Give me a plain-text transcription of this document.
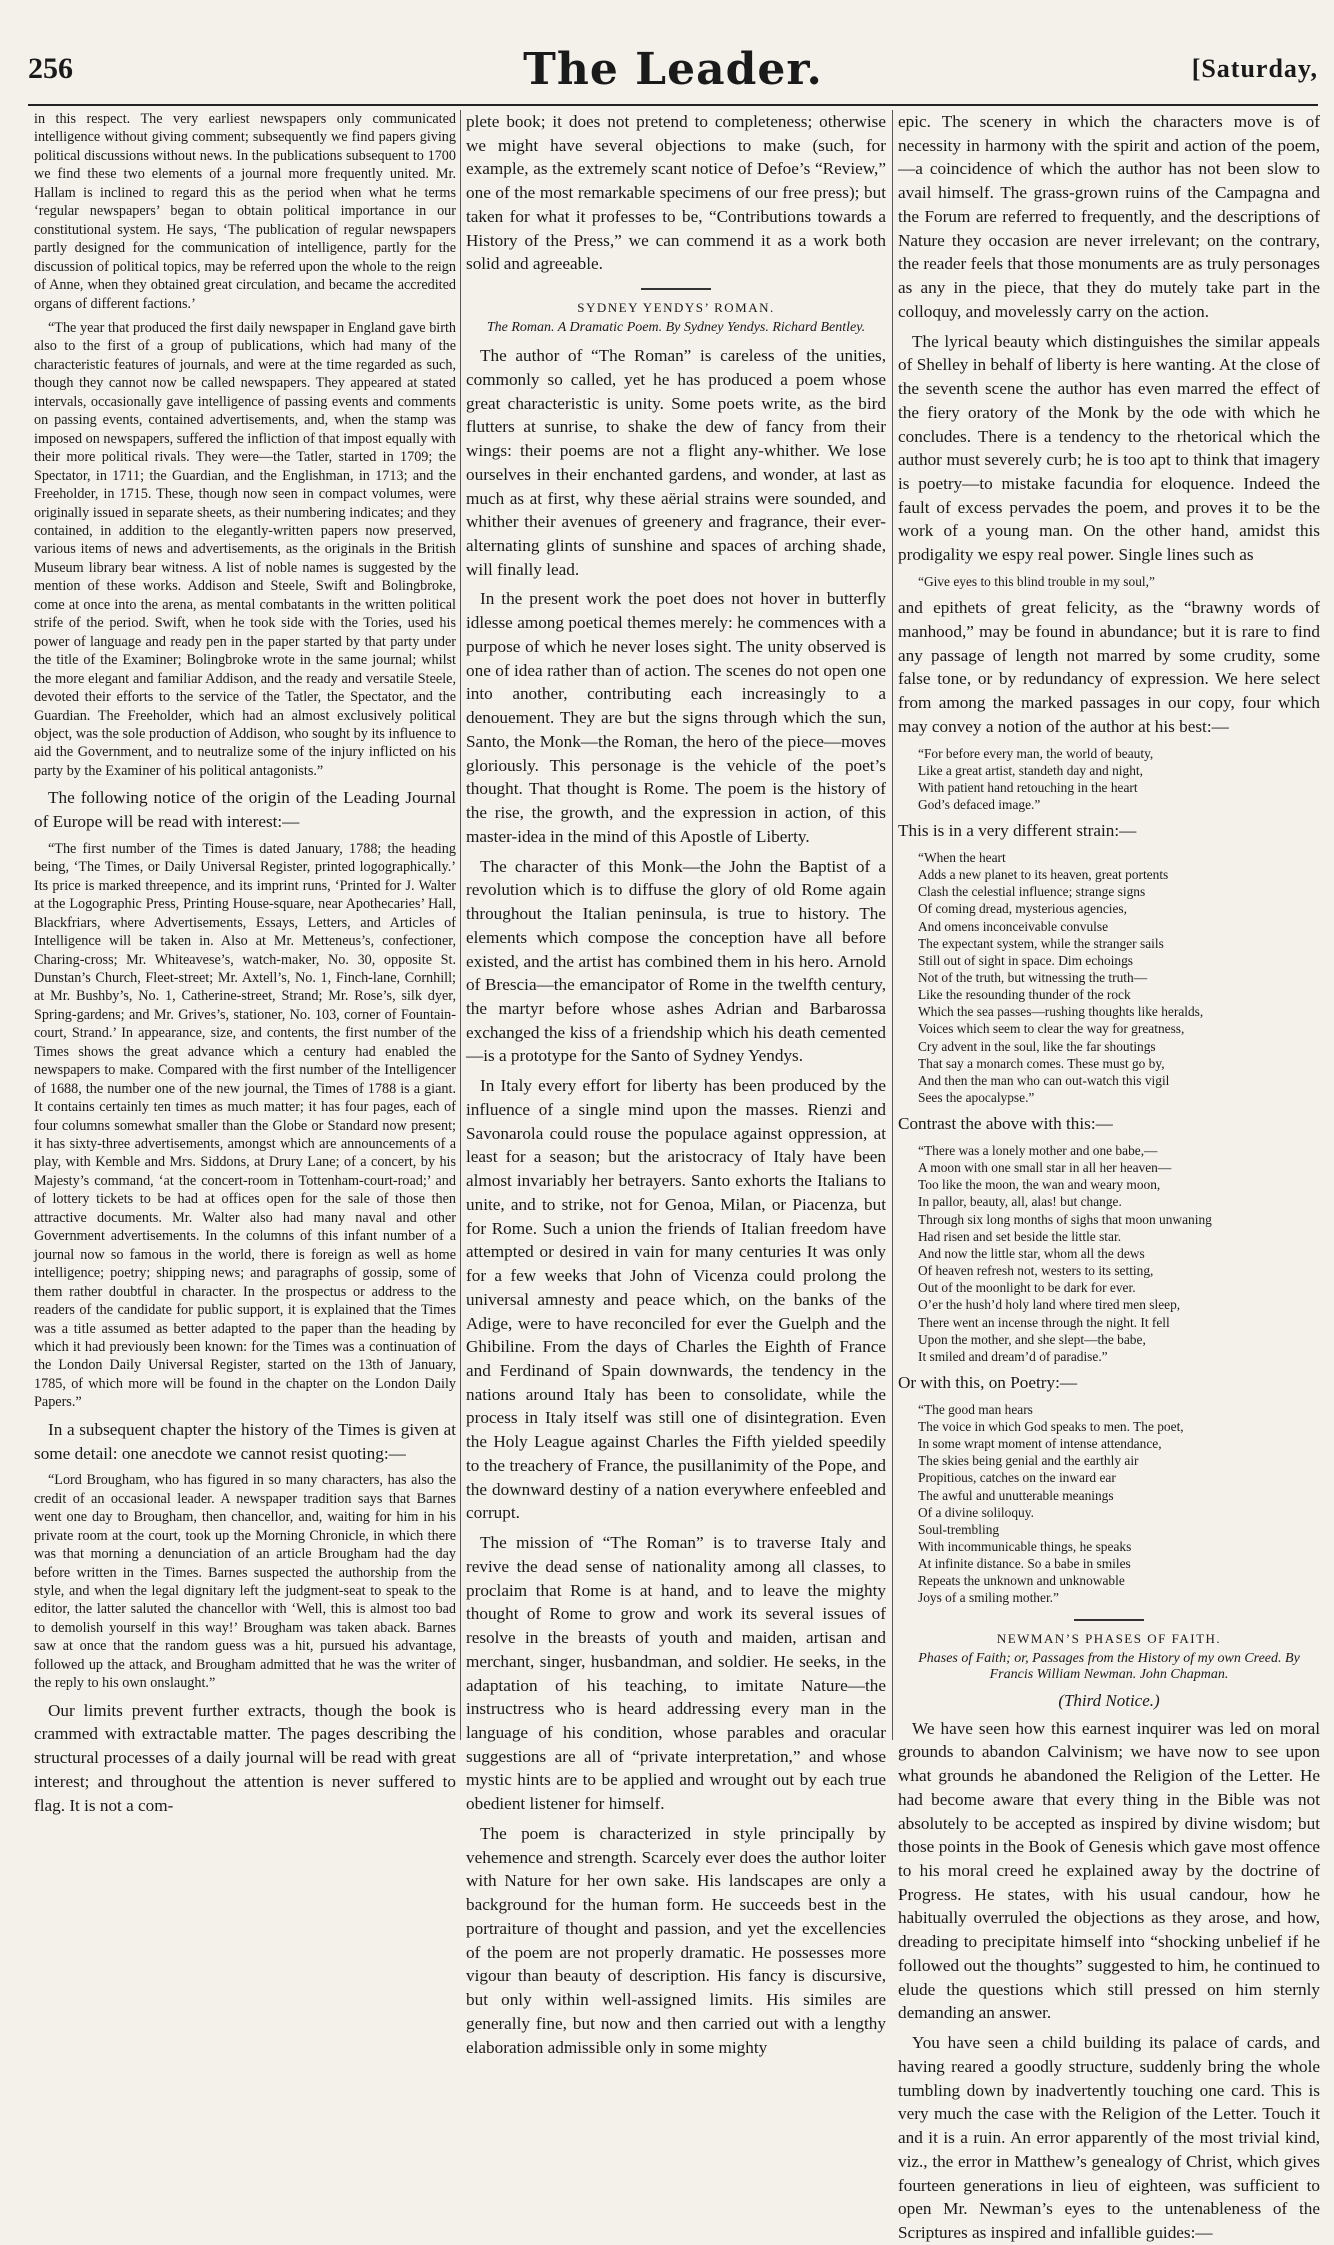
256	The Leader.	[Saturday,

in this respect. The very earliest newspapers only communicated intelligence without giving comment; subsequently we find papers giving political discussions without news. In the publications subsequent to 1700 we find these two elements of a journal more frequently united. Mr. Hallam is inclined to regard this as the period when what he terms ‘regular newspapers’ began to obtain political importance in our constitutional system. He says, ‘The publication of regular newspapers partly designed for the communication of intelligence, partly for the discussion of political topics, may be referred upon the whole to the reign of Anne, when they obtained great circulation, and became the accredited organs of different factions.’

“The year that produced the first daily newspaper in England gave birth also to the first of a group of publications, which had many of the characteristic features of journals, and were at the time regarded as such, though they cannot now be called newspapers. They appeared at stated intervals, occasionally gave intelligence of passing events and comments on passing events, contained advertisements, and, when the stamp was imposed on newspapers, suffered the infliction of that impost equally with their more political rivals. They were—the Tatler, started in 1709; the Spectator, in 1711; the Guardian, and the Englishman, in 1713; and the Freeholder, in 1715. These, though now seen in compact volumes, were originally issued in separate sheets, as their numbering indicates; and they contained, in addition to the elegantly-written papers now preserved, various items of news and advertisements, as the originals in the British Museum library bear witness. A list of noble names is suggested by the mention of these works. Addison and Steele, Swift and Bolingbroke, come at once into the arena, as mental combatants in the written political strife of the period. Swift, when he took side with the Tories, used his power of language and ready pen in the paper started by that party under the title of the Examiner; Bolingbroke wrote in the same journal; whilst the more elegant and familiar Addison, and the ready and versatile Steele, devoted their efforts to the service of the Tatler, the Spectator, and the Guardian. The Freeholder, which had an almost exclusively political object, was the sole production of Addison, who sought by its influence to aid the Government, and to neutralize some of the injury inflicted on his party by the Examiner of his political antagonists.”

The following notice of the origin of the Leading Journal of Europe will be read with interest:—

“The first number of the Times is dated January, 1788; the heading being, ‘The Times, or Daily Universal Register, printed logographically.’ Its price is marked threepence, and its imprint runs, ‘Printed for J. Walter at the Logographic Press, Printing House-square, near Apothecaries’ Hall, Blackfriars, where Advertisements, Essays, Letters, and Articles of Intelligence will be taken in. Also at Mr. Metteneus’s, confectioner, Charing-cross; Mr. Whiteavese’s, watch-maker, No. 30, opposite St. Dunstan’s Church, Fleet-street; Mr. Axtell’s, No. 1, Finch-lane, Cornhill; at Mr. Bushby’s, No. 1, Catherine-street, Strand; Mr. Rose’s, silk dyer, Spring-gardens; and Mr. Grives’s, stationer, No. 103, corner of Fountain-court, Strand.’ In appearance, size, and contents, the first number of the Times shows the great advance which a century had enabled the newspapers to make. Compared with the first number of the Intelligencer of 1688, the number one of the new journal, the Times of 1788 is a giant. It contains certainly ten times as much matter; it has four pages, each of four columns somewhat smaller than the Globe or Standard now present; it has sixty-three advertisements, amongst which are announcements of a play, with Kemble and Mrs. Siddons, at Drury Lane; of a concert, by his Majesty’s command, ‘at the concert-room in Tottenham-court-road;’ and of lottery tickets to be had at offices open for the sale of those then attractive documents. Mr. Walter also had many naval and other Government advertisements. In the columns of this infant number of a journal now so famous in the world, there is foreign as well as home intelligence; poetry; shipping news; and paragraphs of gossip, some of them rather doubtful in character. In the prospectus or address to the readers of the candidate for public support, it is explained that the Times was a title assumed as better adapted to the paper than the heading by which it had previously been known: for the Times was a continuation of the London Daily Universal Register, started on the 13th of January, 1785, of which more will be found in the chapter on the London Daily Papers.”

In a subsequent chapter the history of the Times is given at some detail: one anecdote we cannot resist quoting:—

“Lord Brougham, who has figured in so many characters, has also the credit of an occasional leader. A newspaper tradition says that Barnes went one day to Brougham, then chancellor, and, waiting for him in his private room at the court, took up the Morning Chronicle, in which there was that morning a denunciation of an article Brougham had the day before written in the Times. Barnes suspected the authorship from the style, and when the legal dignitary left the judgment-seat to speak to the editor, the latter saluted the chancellor with ‘Well, this is almost too bad to demolish yourself in this way!’ Brougham was taken aback. Barnes saw at once that the random guess was a hit, pursued his advantage, followed up the attack, and Brougham admitted that he was the writer of the reply to his own onslaught.”

Our limits prevent further extracts, though the book is crammed with extractable matter. The pages describing the structural processes of a daily journal will be read with great interest; and throughout the attention is never suffered to flag. It is not a com-

plete book; it does not pretend to completeness; otherwise we might have several objections to make (such, for example, as the extremely scant notice of Defoe’s “Review,” one of the most remarkable specimens of our free press); but taken for what it professes to be, “Contributions towards a History of the Press,” we can commend it as a work both solid and agreeable.

SYDNEY YENDYS’ ROMAN.
The Roman. A Dramatic Poem. By Sydney Yendys. Richard Bentley.

The author of “The Roman” is careless of the unities, commonly so called, yet he has produced a poem whose great characteristic is unity. Some poets write, as the bird flutters at sunrise, to shake the dew of fancy from their wings: their poems are not a flight any-whither. We lose ourselves in their enchanted gardens, and wonder, at last as much as at first, why these aërial strains were sounded, and whither their avenues of greenery and fragrance, their ever-alternating glints of sunshine and spaces of arching shade, will finally lead.

In the present work the poet does not hover in butterfly idlesse among poetical themes merely: he commences with a purpose of which he never loses sight. The unity observed is one of idea rather than of action. The scenes do not open one into another, contributing each increasingly to a denouement. They are but the signs through which the sun, Santo, the Monk—the Roman, the hero of the piece—moves gloriously. This personage is the vehicle of the poet’s thought. That thought is Rome. The poem is the history of the rise, the growth, and the expression in action, of this master-idea in the mind of this Apostle of Liberty.

The character of this Monk—the John the Baptist of a revolution which is to diffuse the glory of old Rome again throughout the Italian peninsula, is true to history. The elements which compose the conception have all before existed, and the artist has combined them in his hero. Arnold of Brescia—the emancipator of Rome in the twelfth century, the martyr before whose ashes Adrian and Barbarossa exchanged the kiss of a friendship which his death cemented—is a prototype for the Santo of Sydney Yendys.

In Italy every effort for liberty has been produced by the influence of a single mind upon the masses. Rienzi and Savonarola could rouse the populace against oppression, at least for a season; but the aristocracy of Italy have been almost invariably her betrayers. Santo exhorts the Italians to unite, and to strike, not for Genoa, Milan, or Piacenza, but for Rome. Such a union the friends of Italian freedom have attempted or desired in vain for many centuries It was only for a few weeks that John of Vicenza could prolong the universal amnesty and peace which, on the banks of the Adige, were to have reconciled for ever the Guelph and the Ghibiline. From the days of Charles the Eighth of France and Ferdinand of Spain downwards, the tendency in the nations around Italy has been to consolidate, while the process in Italy itself was still one of disintegration. Even the Holy League against Charles the Fifth yielded speedily to the treachery of France, the pusillanimity of the Pope, and the downward destiny of a nation everywhere enfeebled and corrupt.

The mission of “The Roman” is to traverse Italy and revive the dead sense of nationality among all classes, to proclaim that Rome is at hand, and to leave the mighty thought of Rome to grow and work its several issues of resolve in the breasts of youth and maiden, artisan and merchant, singer, husbandman, and soldier. He seeks, in the adaptation of his teaching, to imitate Nature—the instructress who is heard addressing every man in the language of his condition, whose parables and oracular suggestions are all of “private interpretation,” and whose mystic hints are to be applied and wrought out by each true obedient listener for himself.

The poem is characterized in style principally by vehemence and strength. Scarcely ever does the author loiter with Nature for her own sake. His landscapes are only a background for the human form. He succeeds best in the portraiture of thought and passion, and yet the excellencies of the poem are not properly dramatic. He possesses more vigour than beauty of description. His fancy is discursive, but only within well-assigned limits. His similes are generally fine, but now and then carried out with a lengthy elaboration admissible only in some mighty

epic. The scenery in which the characters move is of necessity in harmony with the spirit and action of the poem,—a coincidence of which the author has not been slow to avail himself. The grass-grown ruins of the Campagna and the Forum are referred to frequently, and the descriptions of Nature they occasion are never irrelevant; on the contrary, the reader feels that those monuments are as truly personages as any in the piece, that they do mutely take part in the colloquy, and movelessly carry on the action.

The lyrical beauty which distinguishes the similar appeals of Shelley in behalf of liberty is here wanting. At the close of the seventh scene the author has even marred the effect of the fiery oratory of the Monk by the ode with which he concludes. There is a tendency to the rhetorical which the author must severely curb; he is too apt to think that imagery is poetry—to mistake facundia for eloquence. Indeed the fault of excess pervades the poem, and proves it to be the work of a young man. On the other hand, amidst this prodigality we espy real power. Single lines such as

“Give eyes to this blind trouble in my soul,”

and epithets of great felicity, as the “brawny words of manhood,” may be found in abundance; but it is rare to find any passage of length not marred by some crudity, some false tone, or by redundancy of expression. We here select from among the marked passages in our copy, four which may convey a notion of the author at his best:—

“For before every man, the world of beauty,
Like a great artist, standeth day and night,
With patient hand retouching in the heart
God’s defaced image.”

This is in a very different strain:—

“When the heart
Adds a new planet to its heaven, great portents
Clash the celestial influence; strange signs
Of coming dread, mysterious agencies,
And omens inconceivable convulse
The expectant system, while the stranger sails
Still out of sight in space. Dim echoings
Not of the truth, but witnessing the truth—
Like the resounding thunder of the rock
Which the sea passes—rushing thoughts like heralds,
Voices which seem to clear the way for greatness,
Cry advent in the soul, like the far shoutings
That say a monarch comes. These must go by,
And then the man who can out-watch this vigil
Sees the apocalypse.”

Contrast the above with this:—

“There was a lonely mother and one babe,—
A moon with one small star in all her heaven—
Too like the moon, the wan and weary moon,
In pallor, beauty, all, alas! but change.
Through six long months of sighs that moon unwaning
Had risen and set beside the little star.
And now the little star, whom all the dews
Of heaven refresh not, westers to its setting,
Out of the moonlight to be dark for ever.
O’er the hush’d holy land where tired men sleep,
There went an incense through the night. It fell
Upon the mother, and she slept—the babe,
It smiled and dream’d of paradise.”

Or with this, on Poetry:—

“The good man hears
The voice in which God speaks to men. The poet,
In some wrapt moment of intense attendance,
The skies being genial and the earthly air
Propitious, catches on the inward ear
The awful and unutterable meanings
Of a divine soliloquy.
Soul-trembling
With incommunicable things, he speaks
At infinite distance. So a babe in smiles
Repeats the unknown and unknowable
Joys of a smiling mother.”
NEWMAN’S PHASES OF FAITH.
Phases of Faith; or, Passages from the History of my own Creed. By Francis William Newman. John Chapman.
(Third Notice.)

We have seen how this earnest inquirer was led on moral grounds to abandon Calvinism; we have now to see upon what grounds he abandoned the Religion of the Letter. He had become aware that every thing in the Bible was not absolutely to be accepted as inspired by divine wisdom; but those points in the Book of Genesis which gave most offence to his moral creed he explained away by the doctrine of Progress. He states, with his usual candour, how he habitually overruled the objections as they arose, and how, dreading to precipitate himself into “shocking unbelief if he followed out the thoughts” suggested to him, he continued to elude the questions which still pressed on him sternly demanding an answer.

You have seen a child building its palace of cards, and having reared a goodly structure, suddenly bring the whole tumbling down by inadvertently touching one card. This is very much the case with the Religion of the Letter. Touch it and it is a ruin. An error apparently of the most trivial kind, viz., the error in Matthew’s genealogy of Christ, which gives fourteen generations in lieu of eighteen, was sufficient to open Mr. Newman’s eyes to the untenableness of the Scriptures as inspired and infallible guides:—
